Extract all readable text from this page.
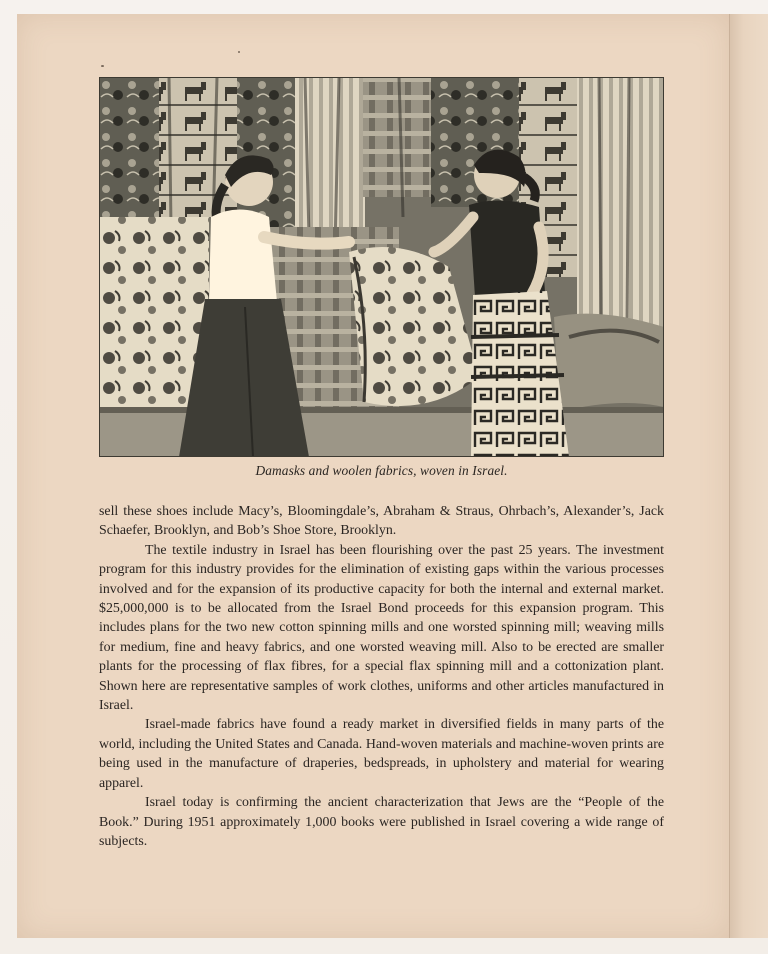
Damasks and woolen fabrics, woven in Israel.

sell these shoes include Macy’s, Bloomingdale’s, Abraham & Straus, Ohrbach’s, Alexander’s, Jack Schaefer, Brooklyn, and Bob’s Shoe Store, Brooklyn.

The textile industry in Israel has been flourishing over the past 25 years. The investment program for this industry provides for the elimination of existing gaps within the various processes involved and for the expansion of its productive capacity for both the internal and external market. $25,000,000 is to be allocated from the Israel Bond proceeds for this expansion program. This includes plans for the two new cotton spinning mills and one worsted spinning mill; weaving mills for medium, fine and heavy fabrics, and one worsted weaving mill. Also to be erected are smaller plants for the processing of flax fibres, for a special flax spinning mill and a cottonization plant. Shown here are representative samples of work clothes, uniforms and other articles manufactured in Israel.

Israel-made fabrics have found a ready market in diversified fields in many parts of the world, including the United States and Canada. Hand-woven materials and machine-woven prints are being used in the manufacture of draperies, bedspreads, in upholstery and material for wearing apparel.

Israel today is confirming the ancient characterization that Jews are the “People of the Book.” During 1951 approximately 1,000 books were published in Israel covering a wide range of subjects.
